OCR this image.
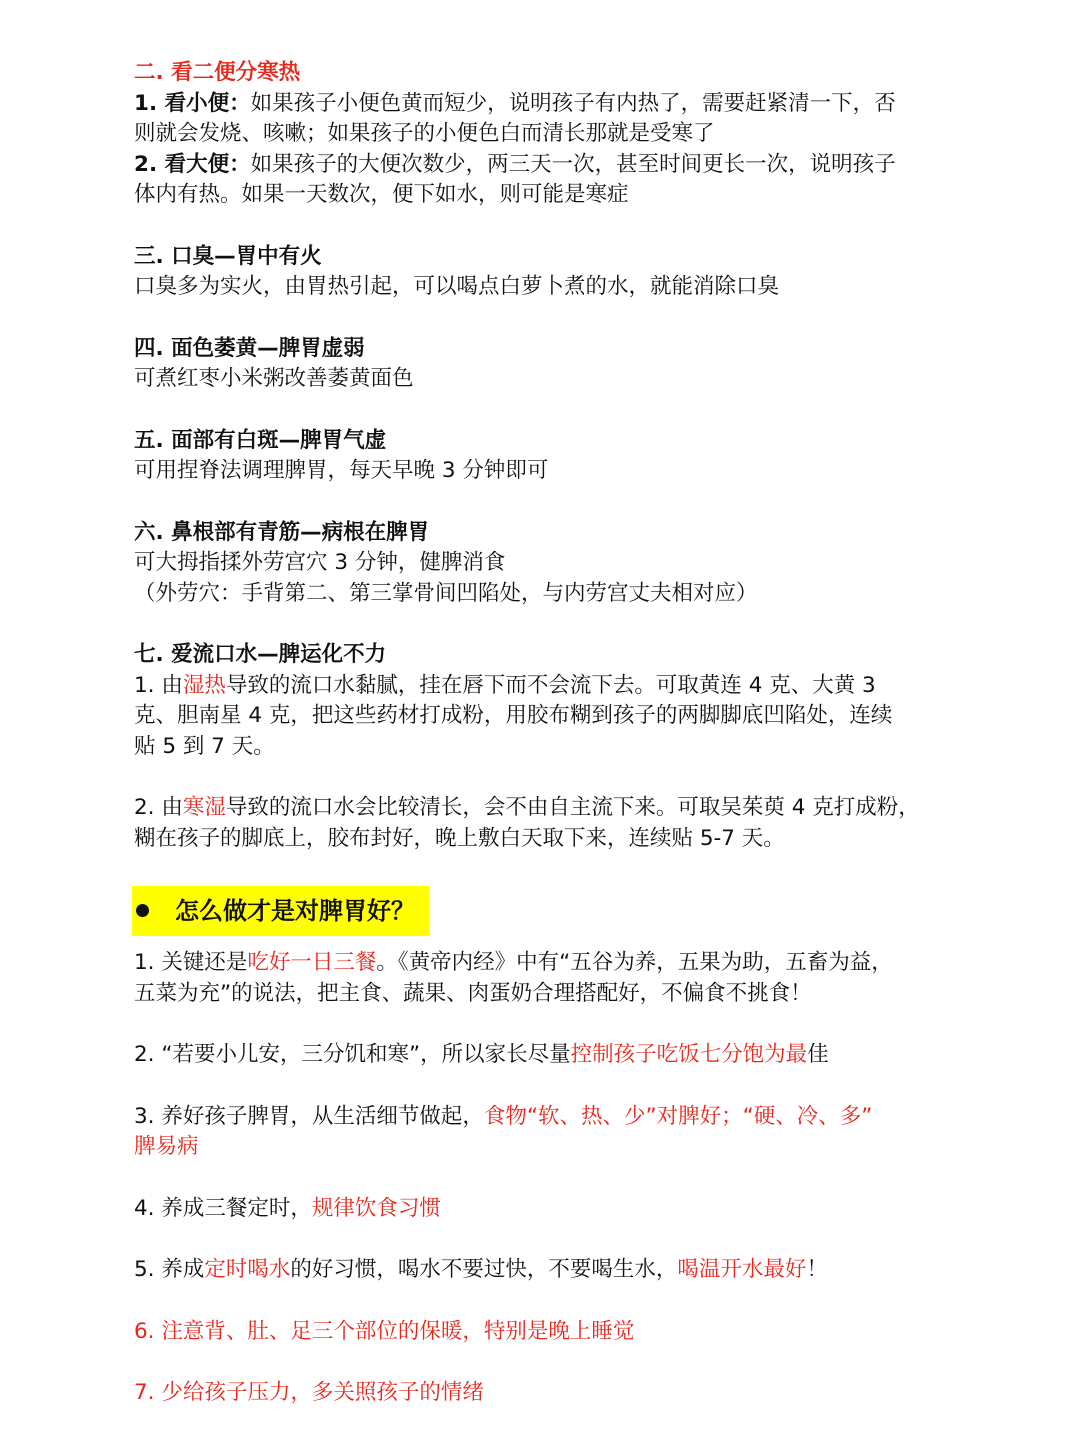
二. 看二便分寒热
1. 看小便：如果孩子小便色黄而短少，说明孩子有内热了，需要赶紧清一下，否
则就会发烧、咳嗽；如果孩子的小便色白而清长那就是受寒了
2. 看大便：如果孩子的大便次数少，两三天一次，甚至时间更长一次，说明孩子
体内有热。如果一天数次，便下如水，则可能是寒症
三. 口臭—胃中有火
口臭多为实火，由胃热引起，可以喝点白萝卜煮的水，就能消除口臭
四. 面色萎黄—脾胃虚弱
可煮红枣小米粥改善萎黄面色
五. 面部有白斑—脾胃气虚
可用捏脊法调理脾胃，每天早晚 3 分钟即可
六. 鼻根部有青筋—病根在脾胃
可大拇指揉外劳宫穴 3 分钟，健脾消食
（外劳穴：手背第二、第三掌骨间凹陷处，与内劳宫丈夫相对应）
七. 爱流口水—脾运化不力
1. 由湿热导致的流口水黏腻，挂在唇下而不会流下去。可取黄连 4 克、大黄 3
克、胆南星 4 克，把这些药材打成粉，用胶布糊到孩子的两脚脚底凹陷处，连续
贴 5 到 7 天。
2. 由寒湿导致的流口水会比较清长，会不由自主流下来。可取吴茱萸 4 克打成粉，
糊在孩子的脚底上，胶布封好，晚上敷白天取下来，连续贴 5-7 天。
怎么做才是对脾胃好？
1. 关键还是吃好一日三餐。《黄帝内经》中有“五谷为养，五果为助，五畜为益，
五菜为充”的说法，把主食、蔬果、肉蛋奶合理搭配好，不偏食不挑食！
2. “若要小儿安，三分饥和寒”，所以家长尽量控制孩子吃饭七分饱为最佳
3. 养好孩子脾胃，从生活细节做起，食物“软、热、少”对脾好；“硬、冷、多”
脾易病
4. 养成三餐定时，规律饮食习惯
5. 养成定时喝水的好习惯，喝水不要过快，不要喝生水，喝温开水最好！
6. 注意背、肚、足三个部位的保暖，特别是晚上睡觉
7. 少给孩子压力，多关照孩子的情绪
